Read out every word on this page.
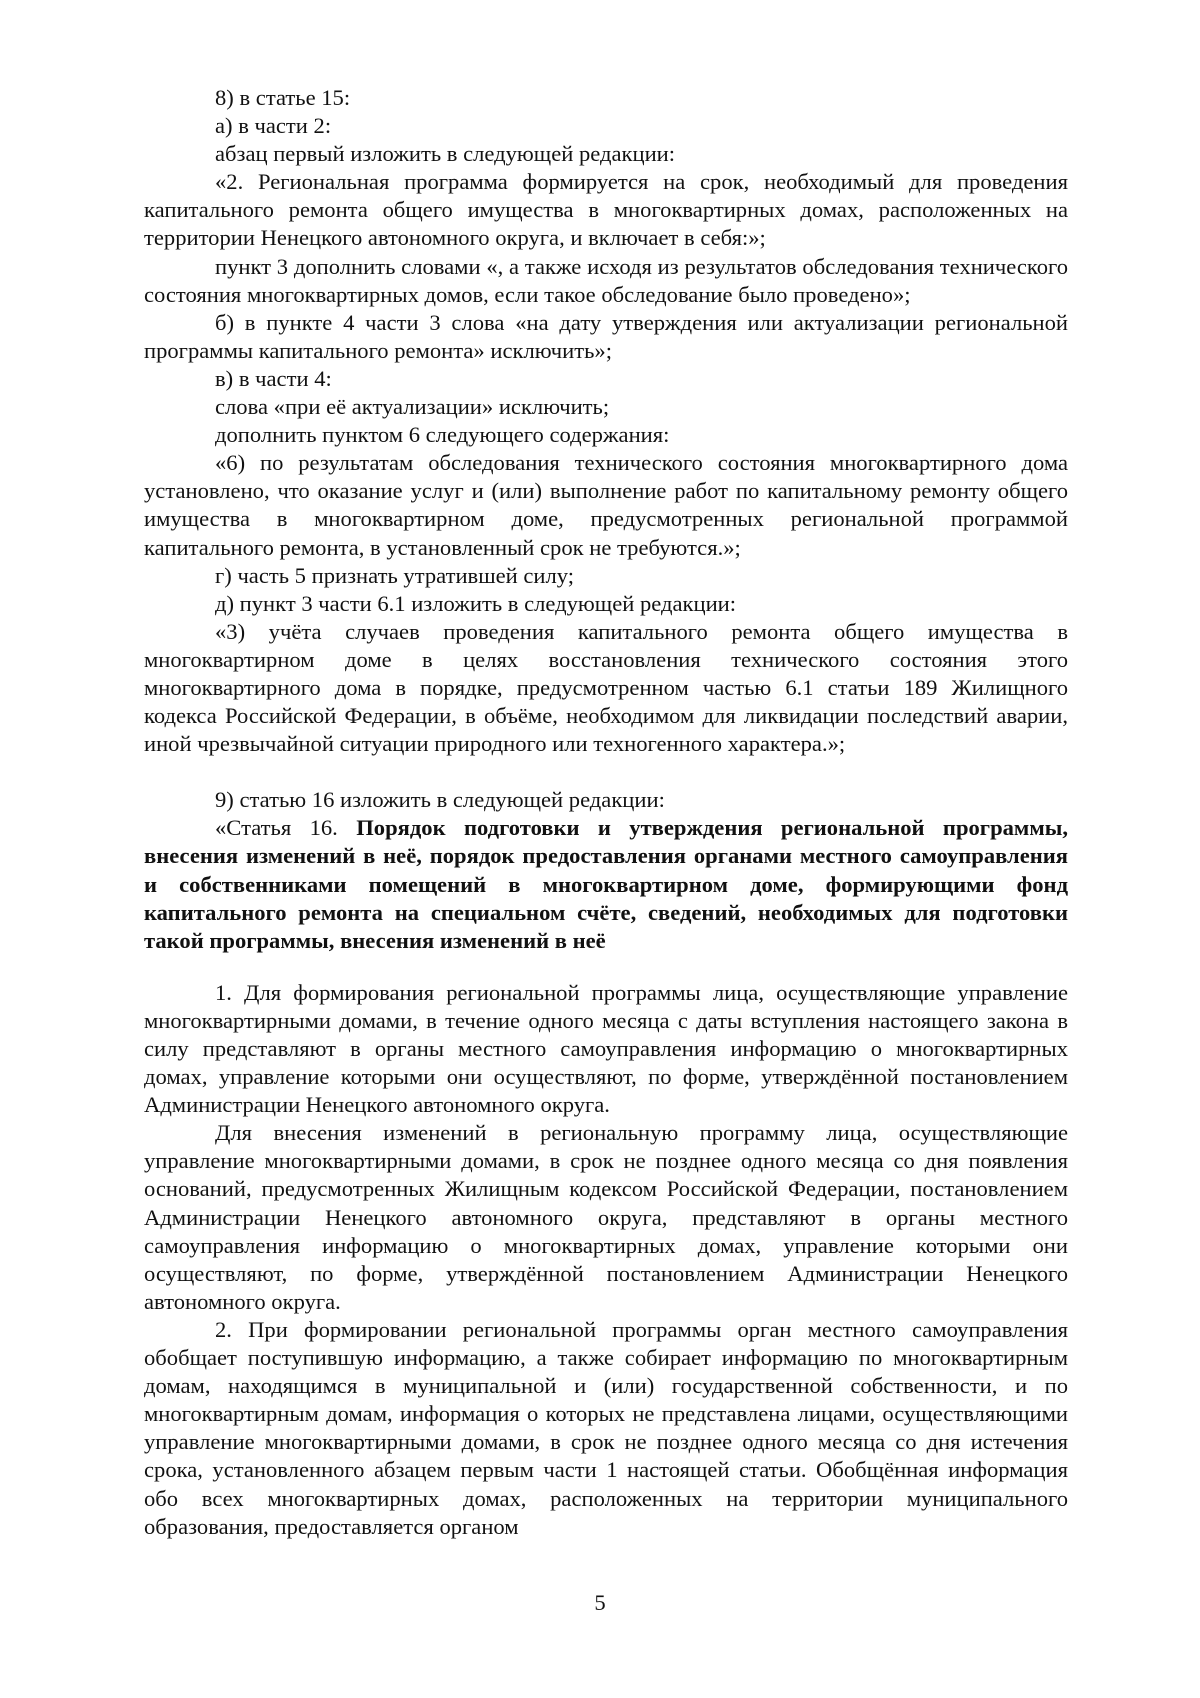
8) в статье 15:

а) в части 2:

абзац первый изложить в следующей редакции:

«2. Региональная программа формируется на срок, необходимый для проведения капитального ремонта общего имущества в многоквартирных домах, расположенных на территории Ненецкого автономного округа, и включает в себя:»;

пункт 3 дополнить словами «, а также исходя из результатов обследования технического состояния многоквартирных домов, если такое обследование было проведено»;

б) в пункте 4 части 3 слова «на дату утверждения или актуализации региональной программы капитального ремонта» исключить»;

в) в части 4:

слова «при её актуализации» исключить;

дополнить пунктом 6 следующего содержания:

«6) по результатам обследования технического состояния многоквартирного дома установлено, что оказание услуг и (или) выполнение работ по капитальному ремонту общего имущества в многоквартирном доме, предусмотренных региональной программой капитального ремонта, в установленный срок не требуются.»;

г) часть 5 признать утратившей силу;

д) пункт 3 части 6.1 изложить в следующей редакции:

«3) учёта случаев проведения капитального ремонта общего имущества в многоквартирном доме в целях восстановления технического состояния этого многоквартирного дома в порядке, предусмотренном частью 6.1 статьи 189 Жилищного кодекса Российской Федерации, в объёме, необходимом для ликвидации последствий аварии, иной чрезвычайной ситуации природного или техногенного характера.»;

9) статью 16 изложить в следующей редакции:

«Статья 16. Порядок подготовки и утверждения региональной программы, внесения изменений в неё, порядок предоставления органами местного самоуправления и собственниками помещений в многоквартирном доме, формирующими фонд капитального ремонта на специальном счёте, сведений, необходимых для подготовки такой программы, внесения изменений в неё

1. Для формирования региональной программы лица, осуществляющие управление многоквартирными домами, в течение одного месяца с даты вступления настоящего закона в силу представляют в органы местного самоуправления информацию о многоквартирных домах, управление которыми они осуществляют, по форме, утверждённой постановлением Администрации Ненецкого автономного округа.

Для внесения изменений в региональную программу лица, осуществляющие управление многоквартирными домами, в срок не позднее одного месяца со дня появления оснований, предусмотренных Жилищным кодексом Российской Федерации, постановлением Администрации Ненецкого автономного округа, представляют в органы местного самоуправления информацию о многоквартирных домах, управление которыми они осуществляют, по форме, утверждённой постановлением Администрации Ненецкого автономного округа.

2. При формировании региональной программы орган местного самоуправления обобщает поступившую информацию, а также собирает информацию по многоквартирным домам, находящимся в муниципальной и (или) государственной собственности, и по многоквартирным домам, информация о которых не представлена лицами, осуществляющими управление многоквартирными домами, в срок не позднее одного месяца со дня истечения срока, установленного абзацем первым части 1 настоящей статьи. Обобщённая информация обо всех многоквартирных домах, расположенных на территории муниципального образования, предоставляется органом

5
